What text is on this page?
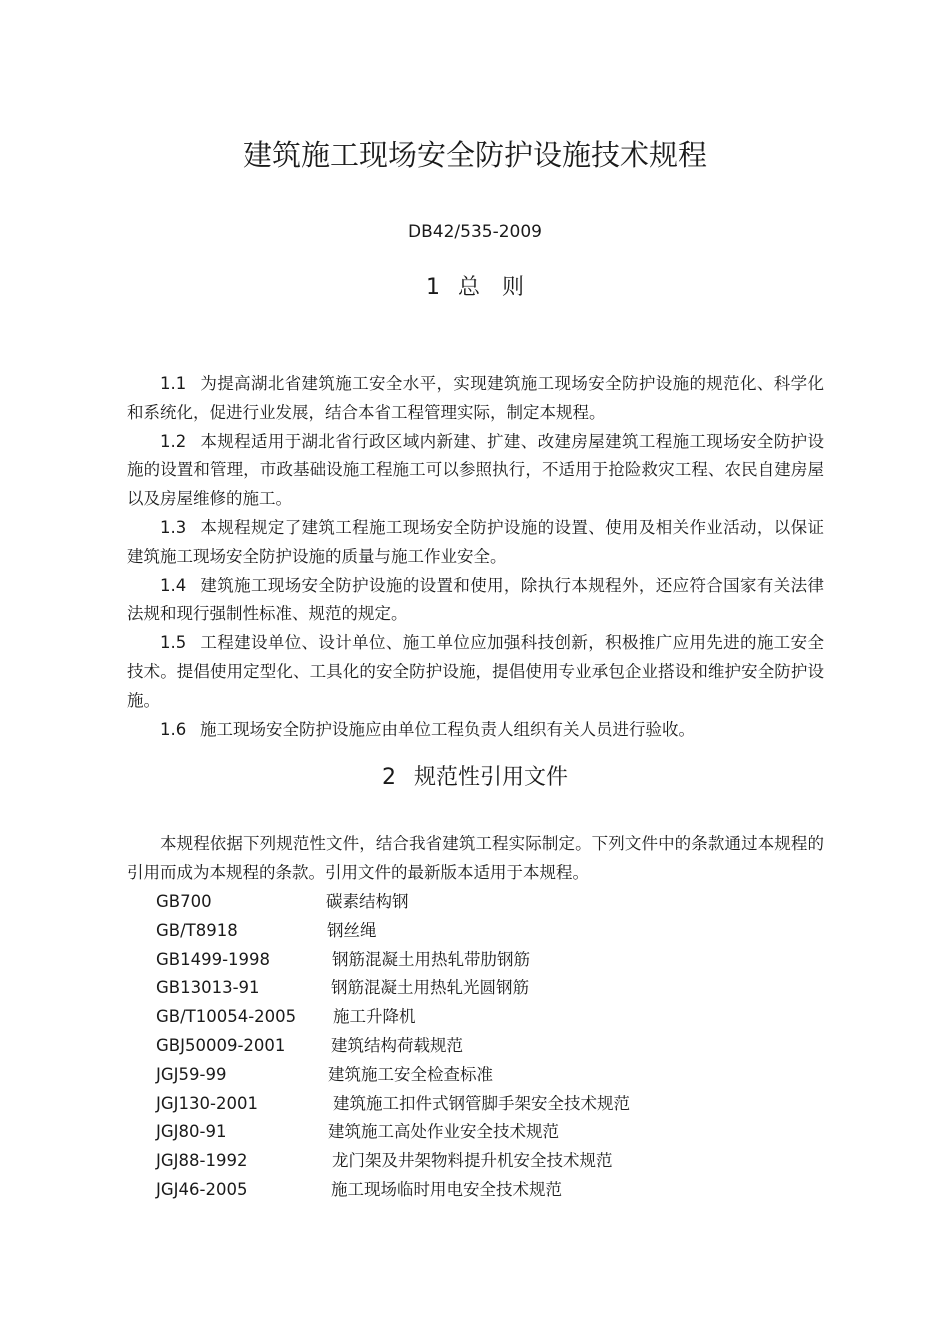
建筑施工现场安全防护设施技术规程
DB42/535-2009
1 总　则

1.1 为提高湖北省建筑施工安全水平，实现建筑施工现场安全防护设施的规范化、科学化和系统化，促进行业发展，结合本省工程管理实际，制定本规程。

1.2 本规程适用于湖北省行政区域内新建、扩建、改建房屋建筑工程施工现场安全防护设施的设置和管理，市政基础设施工程施工可以参照执行，不适用于抢险救灾工程、农民自建房屋以及房屋维修的施工。

1.3 本规程规定了建筑工程施工现场安全防护设施的设置、使用及相关作业活动，以保证建筑施工现场安全防护设施的质量与施工作业安全。

1.4 建筑施工现场安全防护设施的设置和使用，除执行本规程外，还应符合国家有关法律法规和现行强制性标准、规范的规定。

1.5 工程建设单位、设计单位、施工单位应加强科技创新，积极推广应用先进的施工安全技术。提倡使用定型化、工具化的安全防护设施，提倡使用专业承包企业搭设和维护安全防护设施。

1.6 施工现场安全防护设施应由单位工程负责人组织有关人员进行验收。

2 规范性引用文件

本规程依据下列规范性文件，结合我省建筑工程实际制定。下列文件中的条款通过本规程的引用而成为本规程的条款。引用文件的最新版本适用于本规程。

GB700	碳素结构钢
GB/T8918	钢丝绳
GB1499-1998	钢筋混凝土用热轧带肋钢筋
GB13013-91	钢筋混凝土用热轧光圆钢筋
GB/T10054-2005 施工升降机
GBJ50009-2001	建筑结构荷载规范
JGJ59-99	建筑施工安全检查标准
JGJ130-2001	建筑施工扣件式钢管脚手架安全技术规范
JGJ80-91	建筑施工高处作业安全技术规范
JGJ88-1992	龙门架及井架物料提升机安全技术规范
JGJ46-2005	施工现场临时用电安全技术规范
